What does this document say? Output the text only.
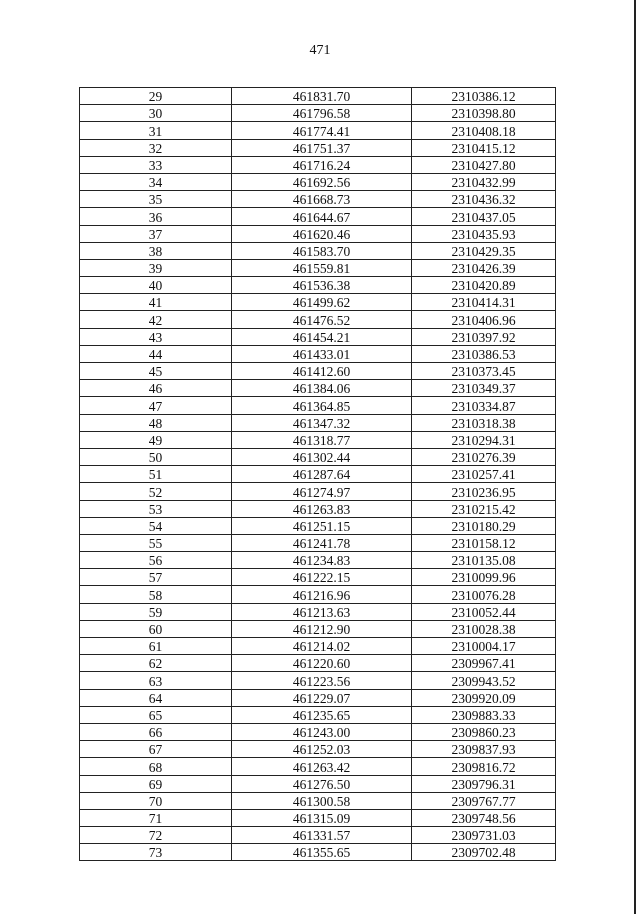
471
29	461831.70	2310386.12
30	461796.58	2310398.80
31	461774.41	2310408.18
32	461751.37	2310415.12
33	461716.24	2310427.80
34	461692.56	2310432.99
35	461668.73	2310436.32
36	461644.67	2310437.05
37	461620.46	2310435.93
38	461583.70	2310429.35
39	461559.81	2310426.39
40	461536.38	2310420.89
41	461499.62	2310414.31
42	461476.52	2310406.96
43	461454.21	2310397.92
44	461433.01	2310386.53
45	461412.60	2310373.45
46	461384.06	2310349.37
47	461364.85	2310334.87
48	461347.32	2310318.38
49	461318.77	2310294.31
50	461302.44	2310276.39
51	461287.64	2310257.41
52	461274.97	2310236.95
53	461263.83	2310215.42
54	461251.15	2310180.29
55	461241.78	2310158.12
56	461234.83	2310135.08
57	461222.15	2310099.96
58	461216.96	2310076.28
59	461213.63	2310052.44
60	461212.90	2310028.38
61	461214.02	2310004.17
62	461220.60	2309967.41
63	461223.56	2309943.52
64	461229.07	2309920.09
65	461235.65	2309883.33
66	461243.00	2309860.23
67	461252.03	2309837.93
68	461263.42	2309816.72
69	461276.50	2309796.31
70	461300.58	2309767.77
71	461315.09	2309748.56
72	461331.57	2309731.03
73	461355.65	2309702.48
